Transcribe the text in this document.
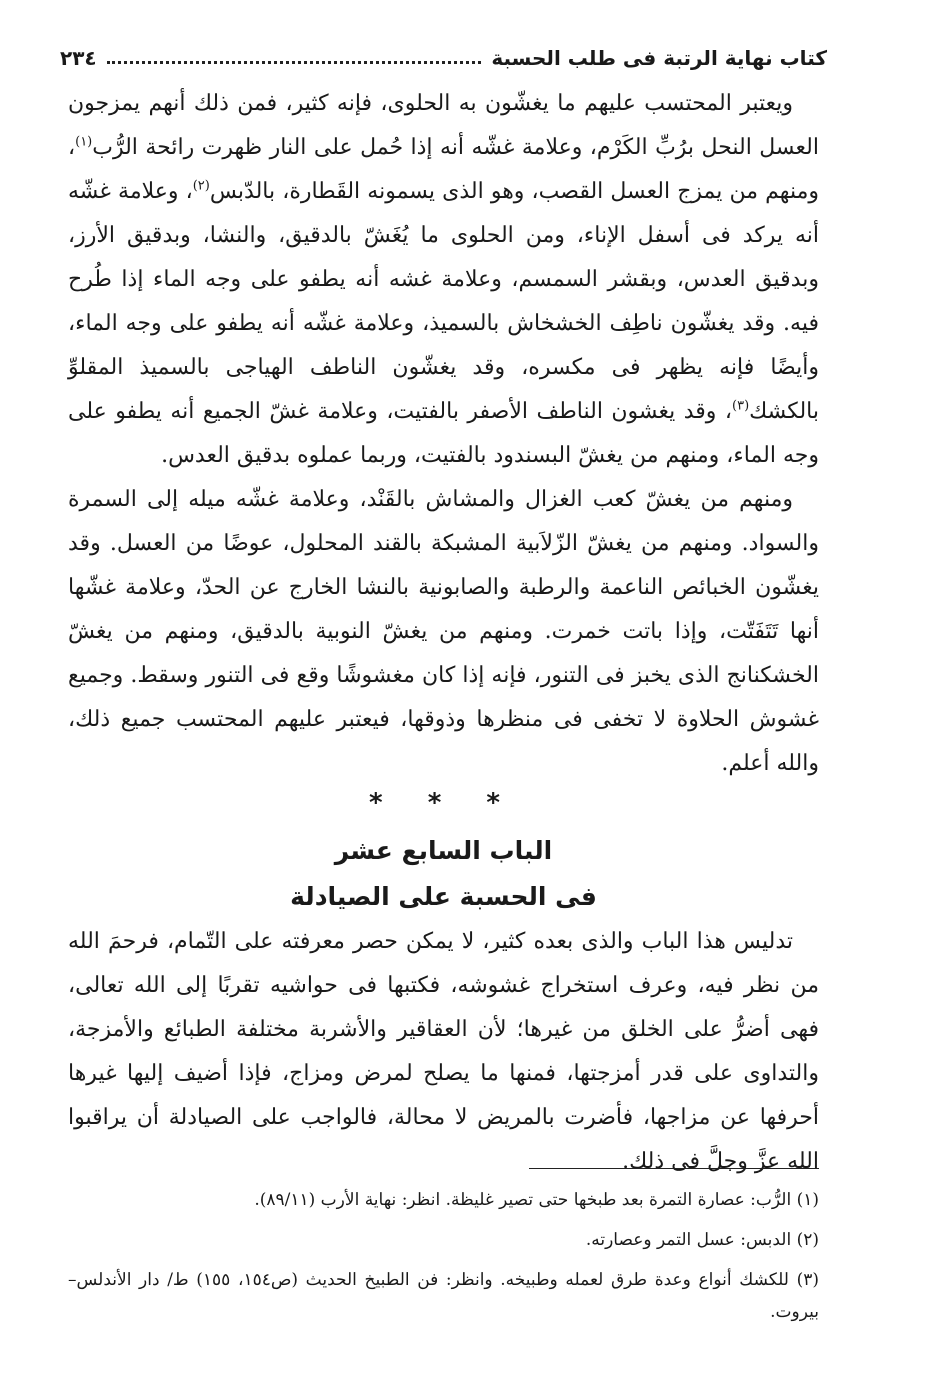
كتاب نهاية الرتبة فى طلب الحسبة
٢٣٤

ويعتبر المحتسب عليهم ما يغشّون به الحلوى، فإنه كثير، فمن ذلك أنهم يمزجون العسل النحل برُبِّ الكَرْم، وعلامة غشّه أنه إذا حُمل على النار ظهرت رائحة الرُّب$^{(١)}$، ومنهم من يمزج العسل القصب، وهو الذى يسمونه القَطارة، بالدّبس$^{(٢)}$، وعلامة غشّه أنه يركد فى أسفل الإناء، ومن الحلوى ما يُغَشّ بالدقيق، والنشا، وبدقيق الأرز، وبدقيق العدس، وبقشر السمسم، وعلامة غشه أنه يطفو على وجه الماء إذا طُرح فيه. وقد يغشّون ناطِف الخشخاش بالسميذ، وعلامة غشّه أنه يطفو على وجه الماء، وأيضًا فإنه يظهر فى مكسره، وقد يغشّون الناطف الهياجى بالسميذ المقلوِّ بالكشك$^{(٣)}$، وقد يغشون الناطف الأصفر بالفتيت، وعلامة غشّ الجميع أنه يطفو على وجه الماء، ومنهم من يغشّ البسندود بالفتيت، وربما عملوه بدقيق العدس.

ومنهم من يغشّ كعب الغزال والمشاش بالقَنْد، وعلامة غشّه ميله إلى السمرة والسواد. ومنهم من يغشّ الزّلاَبية المشبكة بالقند المحلول، عوضًا من العسل. وقد يغشّون الخبائص الناعمة والرطبة والصابونية بالنشا الخارج عن الحدّ، وعلامة غشّها أنها تَتَفَتّت، وإذا باتت خمرت. ومنهم من يغشّ النوبية بالدقيق، ومنهم من يغشّ الخشكنانج الذى يخبز فى التنور، فإنه إذا كان مغشوشًا وقع فى التنور وسقط. وجميع غشوش الحلاوة لا تخفى فى منظرها وذوقها، فيعتبر عليهم المحتسب جميع ذلك، والله أعلم.

* * *
الباب السابع عشر
فى الحسبة على الصيادلة

تدليس هذا الباب والذى بعده كثير، لا يمكن حصر معرفته على التّمام، فرحمَ الله من نظر فيه، وعرف استخراج غشوشه، فكتبها فى حواشيه تقربًا إلى الله تعالى، فهى أضرُّ على الخلق من غيرها؛ لأن العقاقير والأشربة مختلفة الطبائع والأمزجة، والتداوى على قدر أمزجتها، فمنها ما يصلح لمرض ومزاج، فإذا أضيف إليها غيرها أحرفها عن مزاجها، فأضرت بالمريض لا محالة، فالواجب على الصيادلة أن يراقبوا الله عزَّ وجلَّ فى ذلك.

(١) الرُّب: عصارة التمرة بعد طبخها حتى تصير غليظة. انظر: نهاية الأرب (٨٩/١١).
(٢) الدبس: عسل التمر وعصارته.
(٣) للكشك أنواع وعدة طرق لعمله وطبيخه. وانظر: فن الطبيخ الحديث (ص١٥٤، ١٥٥) ط/ دار الأندلس– بيروت.
